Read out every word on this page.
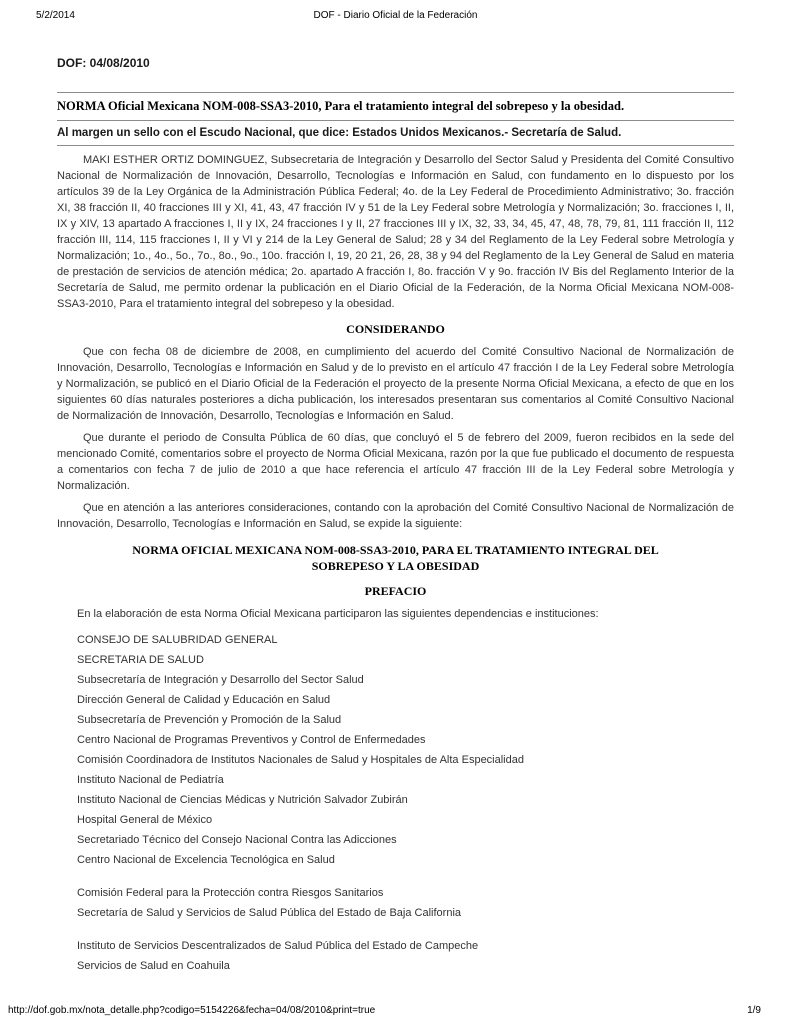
5/2/2014	DOF - Diario Oficial de la Federación
DOF: 04/08/2010
NORMA Oficial Mexicana NOM-008-SSA3-2010, Para el tratamiento integral del sobrepeso y la obesidad.
Al margen un sello con el Escudo Nacional, que dice: Estados Unidos Mexicanos.- Secretaría de Salud.

MAKI ESTHER ORTIZ DOMINGUEZ, Subsecretaria de Integración y Desarrollo del Sector Salud y Presidenta del Comité Consultivo Nacional de Normalización de Innovación, Desarrollo, Tecnologías e Información en Salud, con fundamento en lo dispuesto por los artículos 39 de la Ley Orgánica de la Administración Pública Federal; 4o. de la Ley Federal de Procedimiento Administrativo; 3o. fracción XI, 38 fracción II, 40 fracciones III y XI, 41, 43, 47 fracción IV y 51 de la Ley Federal sobre Metrología y Normalización; 3o. fracciones I, II, IX y XIV, 13 apartado A fracciones I, II y IX, 24 fracciones I y II, 27 fracciones III y IX, 32, 33, 34, 45, 47, 48, 78, 79, 81, 111 fracción II, 112 fracción III, 114, 115 fracciones I, II y VI y 214 de la Ley General de Salud; 28 y 34 del Reglamento de la Ley Federal sobre Metrología y Normalización; 1o., 4o., 5o., 7o., 8o., 9o., 10o. fracción I, 19, 20 21, 26, 28, 38 y 94 del Reglamento de la Ley General de Salud en materia de prestación de servicios de atención médica; 2o. apartado A fracción I, 8o. fracción V y 9o. fracción IV Bis del Reglamento Interior de la Secretaría de Salud, me permito ordenar la publicación en el Diario Oficial de la Federación, de la Norma Oficial Mexicana NOM-008-SSA3-2010, Para el tratamiento integral del sobrepeso y la obesidad.

CONSIDERANDO

Que con fecha 08 de diciembre de 2008, en cumplimiento del acuerdo del Comité Consultivo Nacional de Normalización de Innovación, Desarrollo, Tecnologías e Información en Salud y de lo previsto en el artículo 47 fracción I de la Ley Federal sobre Metrología y Normalización, se publicó en el Diario Oficial de la Federación el proyecto de la presente Norma Oficial Mexicana, a efecto de que en los siguientes 60 días naturales posteriores a dicha publicación, los interesados presentaran sus comentarios al Comité Consultivo Nacional de Normalización de Innovación, Desarrollo, Tecnologías e Información en Salud.

Que durante el periodo de Consulta Pública de 60 días, que concluyó el 5 de febrero del 2009, fueron recibidos en la sede del mencionado Comité, comentarios sobre el proyecto de Norma Oficial Mexicana, razón por la que fue publicado el documento de respuesta a comentarios con fecha 7 de julio de 2010 a que hace referencia el artículo 47 fracción III de la Ley Federal sobre Metrología y Normalización.

Que en atención a las anteriores consideraciones, contando con la aprobación del Comité Consultivo Nacional de Normalización de Innovación, Desarrollo, Tecnologías e Información en Salud, se expide la siguiente:

NORMA OFICIAL MEXICANA NOM-008-SSA3-2010, PARA EL TRATAMIENTO INTEGRAL DEL SOBREPESO Y LA OBESIDAD
PREFACIO

En la elaboración de esta Norma Oficial Mexicana participaron las siguientes dependencias e instituciones:

CONSEJO DE SALUBRIDAD GENERAL
SECRETARIA DE SALUD
Subsecretaría de Integración y Desarrollo del Sector Salud
Dirección General de Calidad y Educación en Salud
Subsecretaría de Prevención y Promoción de la Salud
Centro Nacional de Programas Preventivos y Control de Enfermedades
Comisión Coordinadora de Institutos Nacionales de Salud y Hospitales de Alta Especialidad
Instituto Nacional de Pediatría
Instituto Nacional de Ciencias Médicas y Nutrición Salvador Zubirán
Hospital General de México
Secretariado Técnico del Consejo Nacional Contra las Adicciones
Centro Nacional de Excelencia Tecnológica en Salud
Comisión Federal para la Protección contra Riesgos Sanitarios
Secretaría de Salud y Servicios de Salud Pública del Estado de Baja California
Instituto de Servicios Descentralizados de Salud Pública del Estado de Campeche
Servicios de Salud en Coahuila
http://dof.gob.mx/nota_detalle.php?codigo=5154226&fecha=04/08/2010&print=true	1/9
